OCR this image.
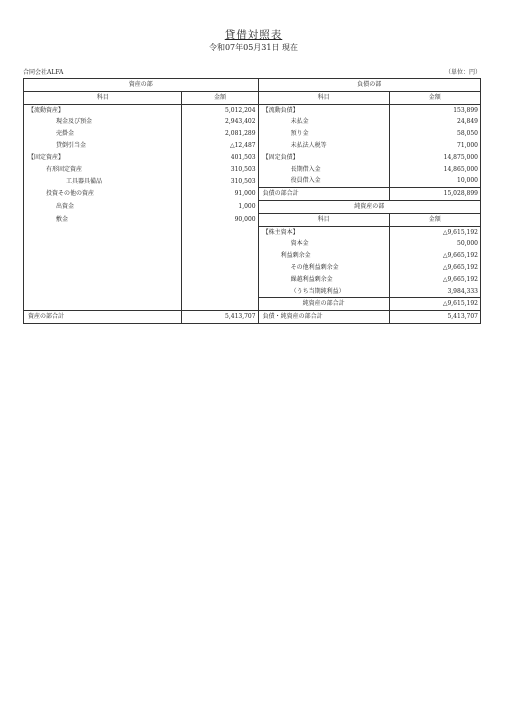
貸借対照表
令和07年05月31日 現在
合同会社ALFA	（単位：円）
資産の部		負債の部	
科目	金額	科目	金額
【流動資産】	5,012,204	【流動負債】	153,899
現金及び預金	2,943,402	未払金	24,849
売掛金	2,081,289	預り金	58,050
貸倒引当金	△12,487	未払法人税等	71,000
【固定資産】	401,503	【固定負債】	14,875,000
有形固定資産	310,503	長期借入金	14,865,000
工具器具備品	310,503	役員借入金	10,000
投資その他の資産	91,000	負債の部合計	15,028,899
出資金	1,000	純資産の部	
敷金	90,000	科目	金額
		【株主資本】	△9,615,192
		資本金	50,000
		利益剰余金	△9,665,192
		その他利益剰余金	△9,665,192
		繰越利益剰余金	△9,665,192
		（うち当期純利益）	3,984,333
		純資産の部合計	△9,615,192
資産の部合計	5,413,707	負債・純資産の部合計	5,413,707
